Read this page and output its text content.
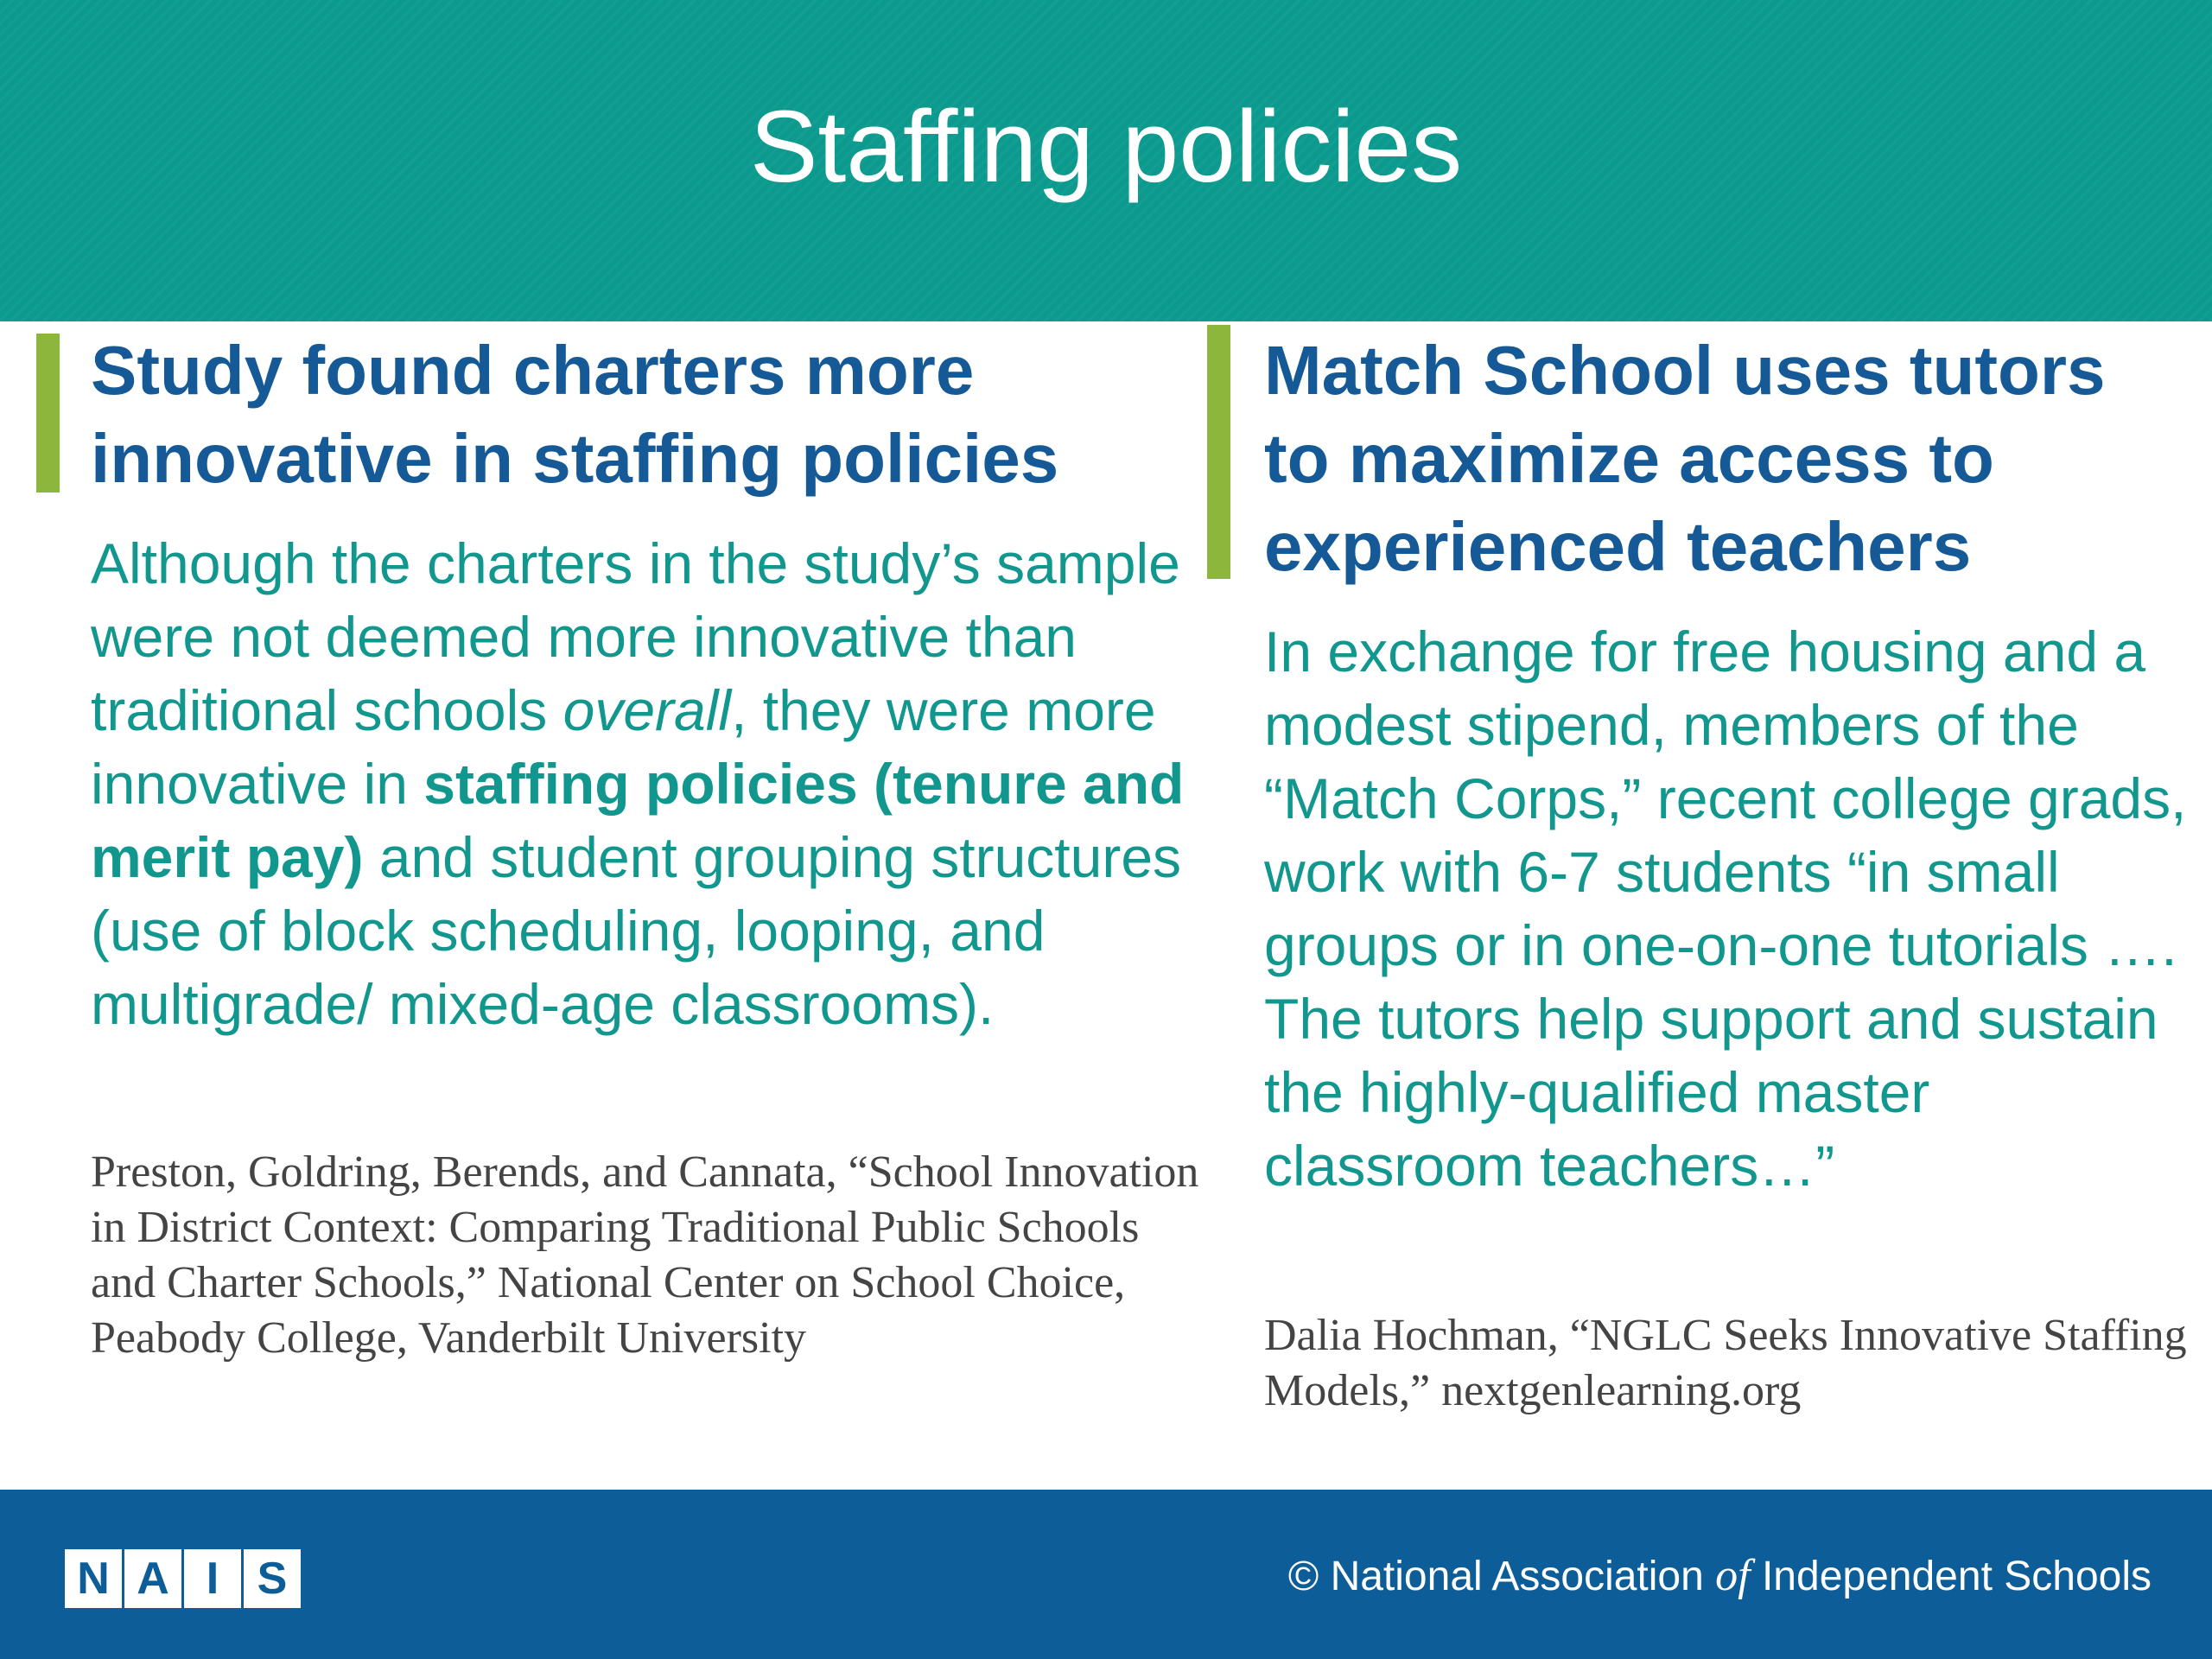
Staffing policies

Study found charters more
innovative in staffing policies

Although the charters in the study’s sample were not deemed more innovative than traditional schools overall, they were more innovative in staffing policies (tenure and merit pay) and student grouping structures (use of block scheduling, looping, and multigrade/ mixed-age classrooms).

Preston, Goldring, Berends, and Cannata, “School Innovation in District Context: Comparing Traditional Public Schools and Charter Schools,” National Center on School Choice, Peabody College, Vanderbilt University

Match School uses tutors
to maximize access to
experienced teachers

In exchange for free housing and a modest stipend, members of the “Match Corps,” recent college grads, work with 6-7 students “in small groups or in one-on-one tutorials …. The tutors help support and sustain the highly-qualified master classroom teachers…”

Dalia Hochman, “NGLC Seeks Innovative Staffing Models,” nextgenlearning.org

N A I S	© National Association of Independent Schools
